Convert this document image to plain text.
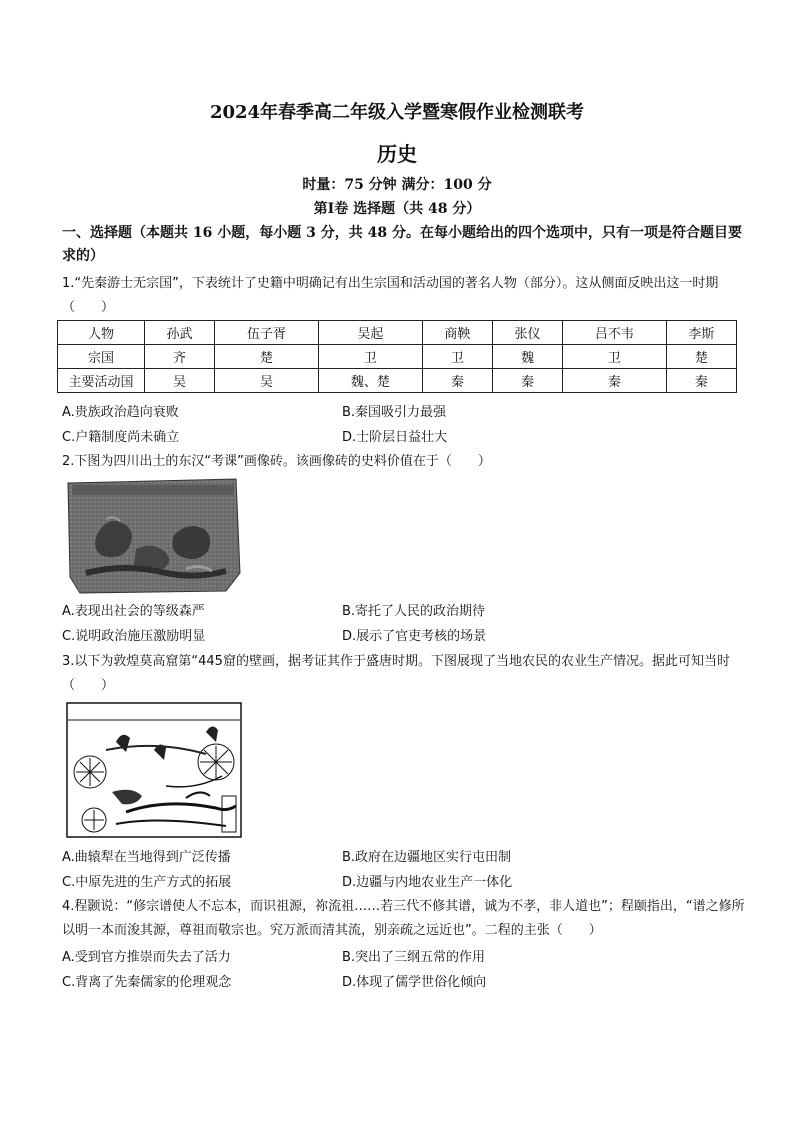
2024年春季高二年级入学暨寒假作业检测联考
历史
时量：75 分钟 满分：100 分
第Ⅰ卷 选择题（共 48 分）
一、选择题（本题共 16 小题，每小题 3 分，共 48 分。在每小题给出的四个选项中，只有一项是符合题目要求的）
1.“先秦游士无宗国”，下表统计了史籍中明确记有出生宗国和活动国的著名人物（部分）。这从侧面反映出这一时期（　　）
人物	孙武	伍子胥	吴起	商鞅	张仪	吕不韦	李斯
宗国	齐	楚	卫	卫	魏	卫	楚
主要活动国	吴	吴	魏、楚	秦	秦	秦	秦
A.贵族政治趋向衰败	B.秦国吸引力最强
C.户籍制度尚未确立	D.士阶层日益壮大
2.下图为四川出土的东汉“考课”画像砖。该画像砖的史料价值在于（　　）
A.表现出社会的等级森严	B.寄托了人民的政治期待
C.说明政治施压激励明显	D.展示了官吏考核的场景
3.以下为敦煌莫高窟第“445窟的壁画，据考证其作于盛唐时期。下图展现了当地农民的农业生产情况。据此可知当时（　　）
A.曲辕犁在当地得到广泛传播	B.政府在边疆地区实行屯田制
C.中原先进的生产方式的拓展	D.边疆与内地农业生产一体化
4.程颢说：“修宗谱使人不忘本，而识祖源，祢流祖……若三代不修其谱，诚为不孝，非人道也”；程颐指出，“谱之修所以明一本而浚其源，尊祖而敬宗也。究万派而清其流，别亲疏之远近也”。二程的主张（　　）
A.受到官方推崇而失去了活力	B.突出了三纲五常的作用
C.背离了先秦儒家的伦理观念	D.体现了儒学世俗化倾向
